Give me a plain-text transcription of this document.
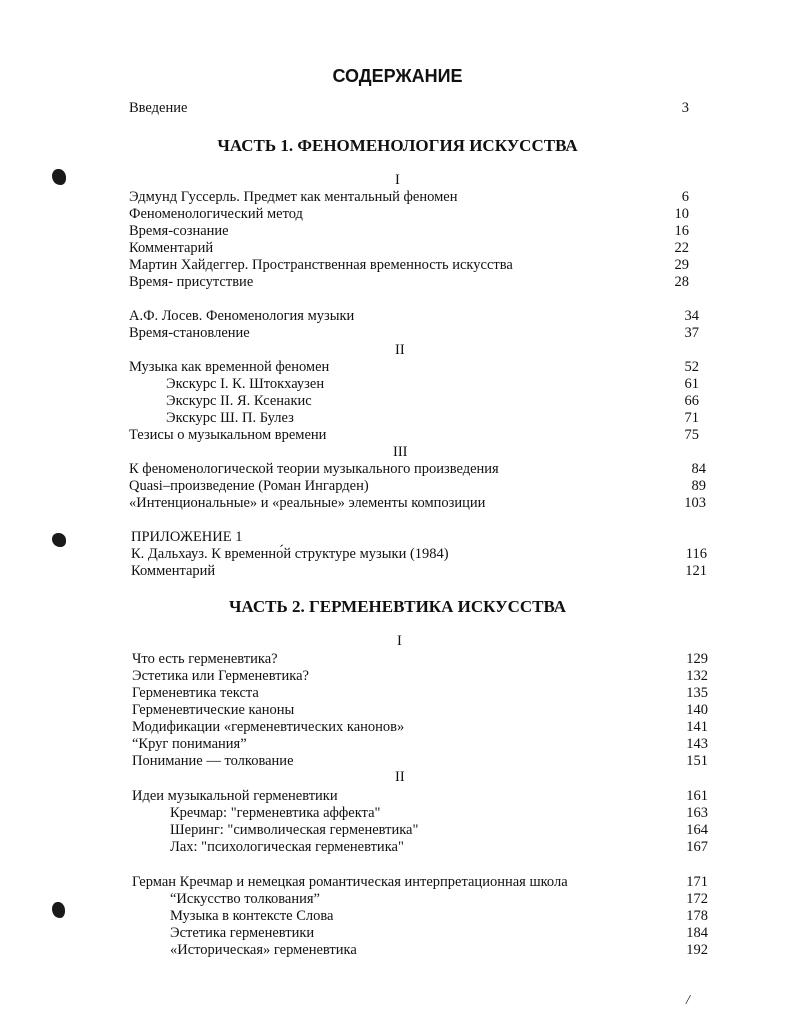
СОДЕРЖАНИЕ
Введение	3
ЧАСТЬ 1. ФЕНОМЕНОЛОГИЯ ИСКУССТВА
I
Эдмунд Гуссерль. Предмет как ментальный феномен	6
Феноменологический метод	10
Время-сознание	16
Комментарий	22
Мартин Хайдеггер. Пространственная временность искусства	29
Время- присутствие	28
А.Ф. Лосев. Феноменология музыки	34
Время-становление	37
II
Музыка как временной феномен	52
Экскурс I. К. Штокхаузен	61
Экскурс II. Я. Ксенакис	66
Экскурс Ш. П. Булез	71
Тезисы о музыкальном времени	75
III
К феноменологической теории музыкального произведения	84
Quasi–произведение (Роман Ингарден)	89
«Интенциональные» и «реальные» элементы композиции	103
ПРИЛОЖЕНИЕ 1
К. Дальхауз. К временно́й структуре музыки (1984)	116
Комментарий	121
ЧАСТЬ 2. ГЕРМЕНЕВТИКА ИСКУССТВА
I
Что есть герменевтика?	129
Эстетика или Герменевтика?	132
Герменевтика текста	135
Герменевтические каноны	140
Модификации «герменевтических канонов»	141
“Круг понимания”	143
Понимание — толкование	151
II
Идеи музыкальной герменевтики	161
Кречмар: "герменевтика аффекта"	163
Шеринг: "символическая герменевтика"	164
Лах: "психологическая герменевтика"	167
Герман Кречмар и немецкая романтическая интерпретационная школа	171
“Искусство толкования”	172
Музыка в контексте Слова	178
Эстетика герменевтики	184
«Историческая» герменевтика	192
/
